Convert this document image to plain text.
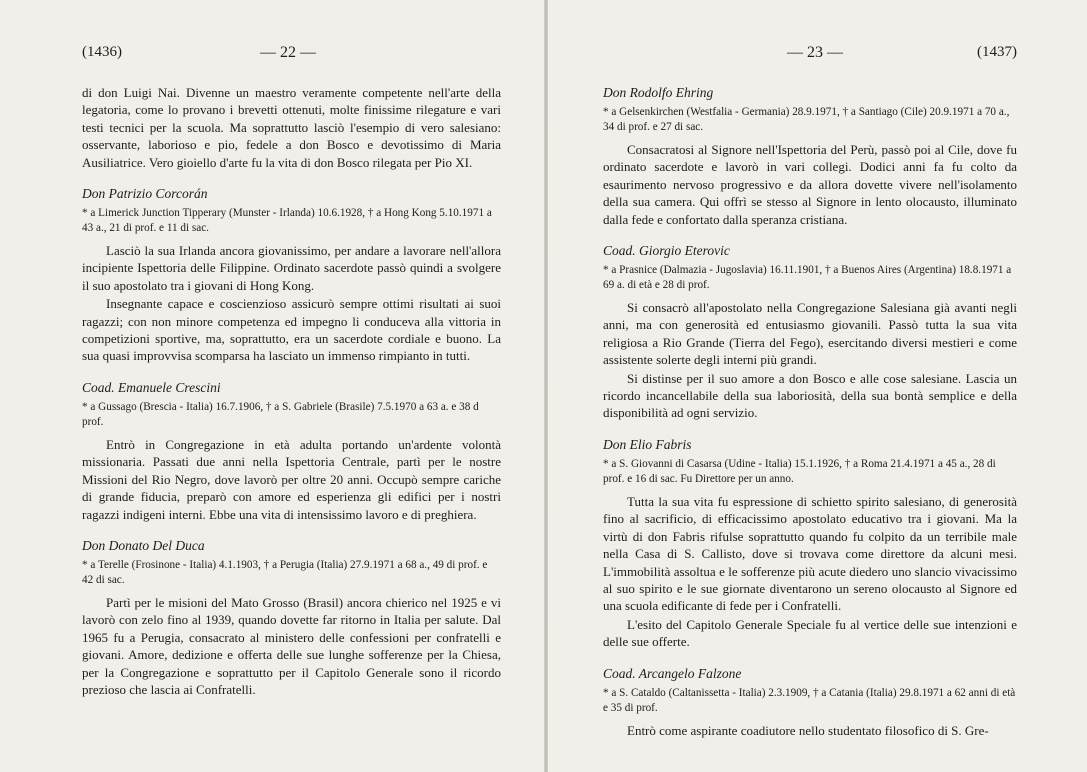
(1436)	— 22 —

di don Luigi Nai. Divenne un maestro veramente competente nell'arte della legatoria, come lo provano i brevetti ottenuti, molte finissime rilegature e vari testi tecnici per la scuola. Ma soprattutto lasciò l'esempio di vero salesiano: osservante, laborioso e pio, fedele a don Bosco e devotissimo di Maria Ausiliatrice. Vero gioiello d'arte fu la vita di don Bosco rilegata per Pio XI.

Don Patrizio Corcorán

* a Limerick Junction Tipperary (Munster - Irlanda) 10.6.1928, † a Hong Kong 5.10.1971 a 43 a., 21 di prof. e 11 di sac.

Lasciò la sua Irlanda ancora giovanissimo, per andare a lavorare nell'allora incipiente Ispettoria delle Filippine. Ordinato sacerdote passò quindi a svolgere il suo apostolato tra i giovani di Hong Kong.

Insegnante capace e coscienzioso assicurò sempre ottimi risultati ai suoi ragazzi; con non minore competenza ed impegno li conduceva alla vittoria in competizioni sportive, ma, soprattutto, era un sacerdote cordiale e buono. La sua quasi improvvisa scomparsa ha lasciato un immenso rimpianto in tutti.

Coad. Emanuele Crescini

* a Gussago (Brescia - Italia) 16.7.1906, † a S. Gabriele (Brasile) 7.5.1970 a 63 a. e 38 d prof.

Entrò in Congregazione in età adulta portando un'ardente volontà missionaria. Passati due anni nella Ispettoria Centrale, partì per le nostre Missioni del Rio Negro, dove lavorò per oltre 20 anni. Occupò sempre cariche di grande fiducia, preparò con amore ed esperienza gli edifici per i nostri ragazzi indigeni interni. Ebbe una vita di intensissimo lavoro e di preghiera.

Don Donato Del Duca

* a Terelle (Frosinone - Italia) 4.1.1903, † a Perugia (Italia) 27.9.1971 a 68 a., 49 di prof. e 42 di sac.

Partì per le misioni del Mato Grosso (Brasil) ancora chierico nel 1925 e vi lavorò con zelo fino al 1939, quando dovette far ritorno in Italia per salute. Dal 1965 fu a Perugia, consacrato al ministero delle confessioni per confratelli e giovani. Amore, dedizione e offerta delle sue lunghe sofferenze per la Chiesa, per la Congregazione e soprattutto per il Capitolo Generale sono il ricordo prezioso che lascia ai Confratelli.

— 23 —	(1437)
Don Rodolfo Ehring

* a Gelsenkirchen (Westfalia - Germania) 28.9.1971, † a Santiago (Cile) 20.9.1971 a 70 a., 34 di prof. e 27 di sac.

Consacratosi al Signore nell'Ispettoria del Perù, passò poi al Cile, dove fu ordinato sacerdote e lavorò in vari collegi. Dodici anni fa fu colto da esaurimento nervoso progressivo e da allora dovette vivere nell'isolamento della sua camera. Qui offrì se stesso al Signore in lento olocausto, illuminato dalla fede e confortato dalla speranza cristiana.

Coad. Giorgio Eterovic

* a Prasnice (Dalmazia - Jugoslavia) 16.11.1901, † a Buenos Aires (Argentina) 18.8.1971 a 69 a. di età e 28 di prof.

Si consacrò all'apostolato nella Congregazione Salesiana già avanti negli anni, ma con generosità ed entusiasmo giovanili. Passò tutta la sua vita religiosa a Rio Grande (Tierra del Fego), esercitando diversi mestieri e come assistente solerte degli interni più grandi.

Si distinse per il suo amore a don Bosco e alle cose salesiane. Lascia un ricordo incancellabile della sua laboriosità, della sua bontà semplice e della disponibilità ad ogni servizio.

Don Elio Fabris

* a S. Giovanni di Casarsa (Udine - Italia) 15.1.1926, † a Roma 21.4.1971 a 45 a., 28 di prof. e 16 di sac. Fu Direttore per un anno.

Tutta la sua vita fu espressione di schietto spirito salesiano, di generosità fino al sacrificio, di efficacissimo apostolato educativo tra i giovani. Ma la virtù di don Fabris rifulse soprattutto quando fu colpito da un terribile male nella Casa di S. Callisto, dove si trovava come direttore da alcuni mesi. L'immobilità assoltua e le sofferenze più acute diedero uno slancio vivacissimo al suo spirito e le sue giornate diventarono un sereno olocausto al Signore ed una scuola edificante di fede per i Confratelli.

L'esito del Capitolo Generale Speciale fu al vertice delle sue intenzioni e delle sue offerte.

Coad. Arcangelo Falzone

* a S. Cataldo (Caltanissetta - Italia) 2.3.1909, † a Catania (Italia) 29.8.1971 a 62 anni di età e 35 di prof.

Entrò come aspirante coadiutore nello studentato filosofico di S. Gre-
